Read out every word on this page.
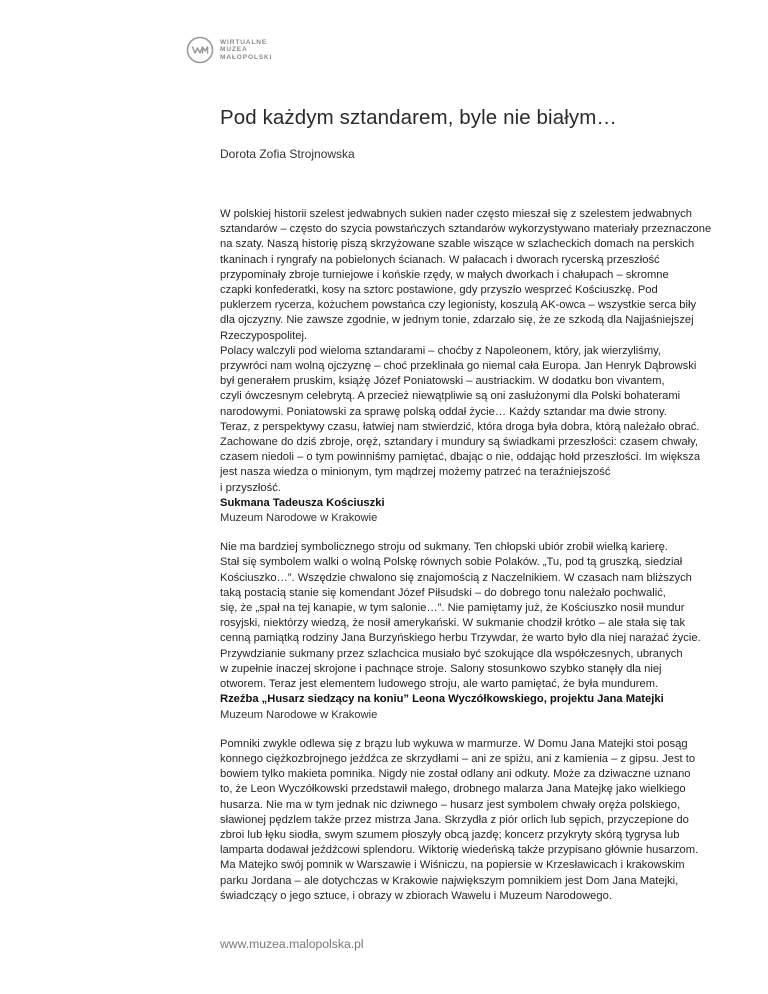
WIRTUALNE
MUZEA
MAŁOPOLSKI
Pod każdym sztandarem, byle nie białym…
Dorota Zofia Strojnowska

W polskiej historii szelest jedwabnych sukien nader często mieszał się z szelestem jedwabnych

sztandarów – często do szycia powstańczych sztandarów wykorzystywano materiały przeznaczone

na szaty. Naszą historię piszą skrzyżowane szable wiszące w szlacheckich domach na perskich

tkaninach i ryngrafy na pobielonych ścianach. W pałacach i dworach rycerską przeszłość

przypominały zbroje turniejowe i końskie rzędy, w małych dworkach i chałupach – skromne

czapki konfederatki, kosy na sztorc postawione, gdy przyszło wesprzeć Kościuszkę. Pod

puklerzem rycerza, kożuchem powstańca czy legionisty, koszulą AK-owca – wszystkie serca biły

dla ojczyzny. Nie zawsze zgodnie, w jednym tonie, zdarzało się, że ze szkodą dla Najjaśniejszej

Rzeczypospolitej.

Polacy walczyli pod wieloma sztandarami – choćby z Napoleonem, który, jak wierzyliśmy,

przywróci nam wolną ojczyznę – choć przeklinała go niemal cała Europa. Jan Henryk Dąbrowski

był generałem pruskim, książę Józef Poniatowski – austriackim. W dodatku bon vivantem,

czyli ówczesnym celebrytą. A przecież niewątpliwie są oni zasłużonymi dla Polski bohaterami

narodowymi. Poniatowski za sprawę polską oddał życie… Każdy sztandar ma dwie strony.

Teraz, z perspektywy czasu, łatwiej nam stwierdzić, która droga była dobra, którą należało obrać.

Zachowane do dziś zbroje, oręż, sztandary i mundury są świadkami przeszłości: czasem chwały,

czasem niedoli – o tym powinniśmy pamiętać, dbając o nie, oddając hołd przeszłości. Im większa

jest nasza wiedza o minionym, tym mądrzej możemy patrzeć na teraźniejszość

i przyszłość.

Sukmana Tadeusza Kościuszki

Muzeum Narodowe w Krakowie

Nie ma bardziej symbolicznego stroju od sukmany. Ten chłopski ubiór zrobił wielką karierę.

Stał się symbolem walki o wolną Polskę równych sobie Polaków. „Tu, pod tą gruszką, siedział

Kościuszko…”. Wszędzie chwalono się znajomością z Naczelnikiem. W czasach nam bliższych

taką postacią stanie się komendant Józef Piłsudski – do dobrego tonu należało pochwalić,

się, że „spał na tej kanapie, w tym salonie…”. Nie pamiętamy już, że Kościuszko nosił mundur

rosyjski, niektórzy wiedzą, że nosił amerykański. W sukmanie chodził krótko – ale stała się tak

cenną pamiątką rodziny Jana Burzyńskiego herbu Trzywdar, że warto było dla niej narażać życie.

Przywdzianie sukmany przez szlachcica musiało być szokujące dla współczesnych, ubranych

w zupełnie inaczej skrojone i pachnące stroje. Salony stosunkowo szybko stanęły dla niej

otworem. Teraz jest elementem ludowego stroju, ale warto pamiętać, że była mundurem.

Rzeźba „Husarz siedzący na koniu” Leona Wyczółkowskiego, projektu Jana Matejki

Muzeum Narodowe w Krakowie

Pomniki zwykle odlewa się z brązu lub wykuwa w marmurze. W Domu Jana Matejki stoi posąg

konnego ciężkozbrojnego jeźdźca ze skrzydłami – ani ze spiżu, ani z kamienia – z gipsu. Jest to

bowiem tylko makieta pomnika. Nigdy nie został odlany ani odkuty. Może za dziwaczne uznano

to, że Leon Wyczółkowski przedstawił małego, drobnego malarza Jana Matejkę jako wielkiego

husarza. Nie ma w tym jednak nic dziwnego – husarz jest symbolem chwały oręża polskiego,

sławionej pędzlem także przez mistrza Jana. Skrzydła z piór orlich lub sępich, przyczepione do

zbroi lub łęku siodła, swym szumem płoszyły obcą jazdę; koncerz przykryty skórą tygrysa lub

lamparta dodawał jeźdźcowi splendoru. Wiktorię wiedeńską także przypisano głównie husarzom.

Ma Matejko swój pomnik w Warszawie i Wiśniczu, na popiersie w Krzesławicach i krakowskim

parku Jordana – ale dotychczas w Krakowie największym pomnikiem jest Dom Jana Matejki,

świadczący o jego sztuce, i obrazy w zbiorach Wawelu i Muzeum Narodowego.

www.muzea.malopolska.pl
